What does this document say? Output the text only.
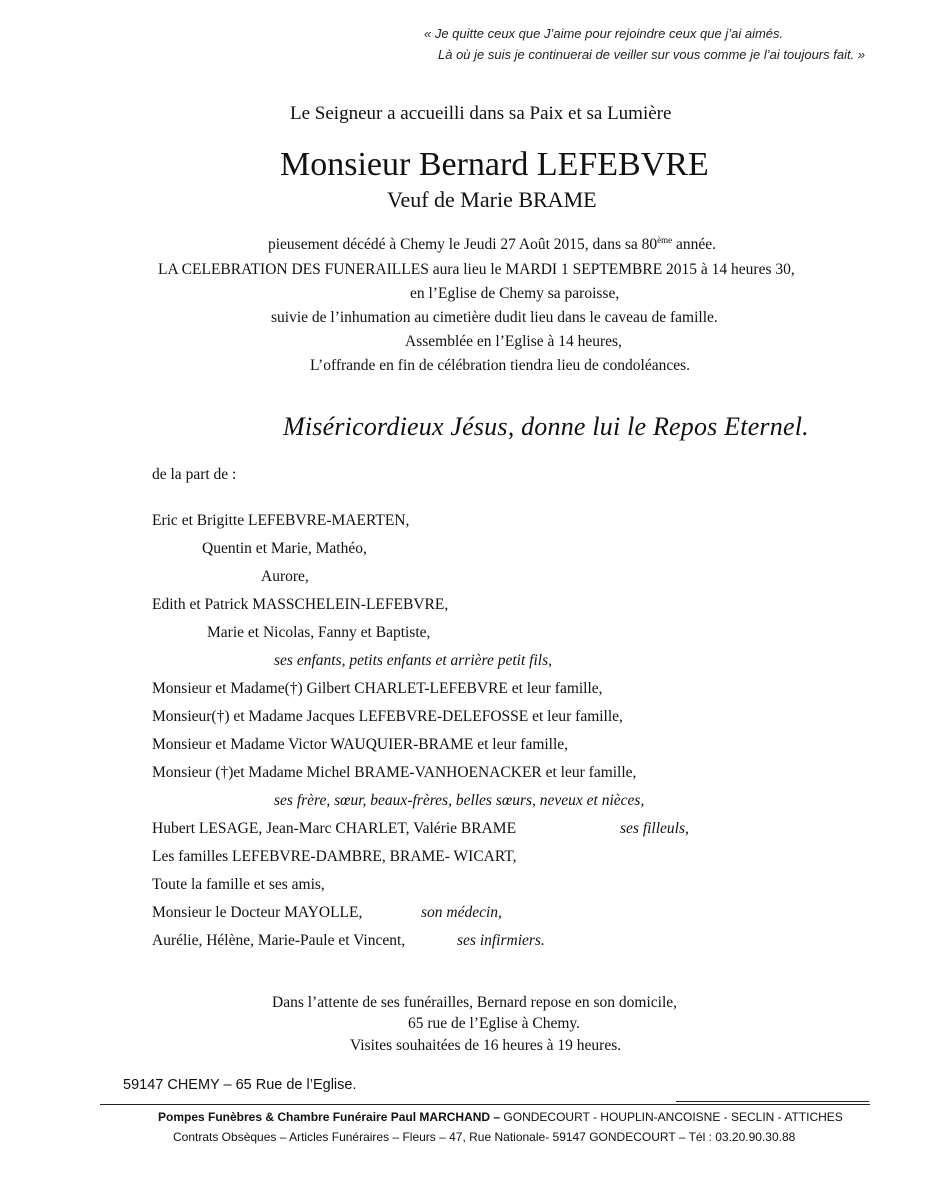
« Je quitte ceux que J’aime pour rejoindre ceux que j’ai aimés.
Là où je suis je continuerai de veiller sur vous comme je l’ai toujours fait. »
Le Seigneur a accueilli dans sa Paix et sa Lumière
Monsieur Bernard LEFEBVRE
Veuf de Marie BRAME
pieusement décédé à Chemy le Jeudi 27 Août 2015, dans sa 80ème année.
LA CELEBRATION DES FUNERAILLES aura lieu le MARDI 1 SEPTEMBRE 2015 à 14 heures 30,
en l’Eglise de Chemy sa paroisse,
suivie de l’inhumation au cimetière dudit lieu dans le caveau de famille.
Assemblée en l’Eglise à 14 heures,
L’offrande en fin de célébration tiendra lieu de condoléances.
Miséricordieux Jésus, donne lui le Repos Eternel.
de la part de :
Eric et Brigitte LEFEBVRE-MAERTEN,
Quentin et Marie, Mathéo,
Aurore,
Edith et Patrick MASSCHELEIN-LEFEBVRE,
Marie et Nicolas, Fanny et Baptiste,
ses enfants, petits enfants et arrière petit fils,
Monsieur et Madame(†) Gilbert CHARLET-LEFEBVRE et leur famille,
Monsieur(†) et Madame Jacques LEFEBVRE-DELEFOSSE et leur famille,
Monsieur et Madame Victor WAUQUIER-BRAME et leur famille,
Monsieur (†)et Madame Michel BRAME-VANHOENACKER et leur famille,
ses frère, sœur, beaux-frères, belles sœurs, neveux et nièces,
Hubert LESAGE, Jean-Marc CHARLET, Valérie BRAME	ses filleuls,
Les familles LEFEBVRE-DAMBRE, BRAME- WICART,
Toute la famille et ses amis,
Monsieur le Docteur MAYOLLE,	son médecin,
Aurélie, Hélène, Marie-Paule et Vincent,	ses infirmiers.
Dans l’attente de ses funérailles, Bernard repose en son domicile,
65 rue de l’Eglise à Chemy.
Visites souhaitées de 16 heures à 19 heures.
59147 CHEMY – 65 Rue de l’Eglise.
Pompes Funèbres & Chambre Funéraire Paul MARCHAND – GONDECOURT - HOUPLIN-ANCOISNE - SECLIN - ATTICHES
Contrats Obsèques – Articles Funéraires – Fleurs – 47, Rue Nationale- 59147 GONDECOURT – Tél : 03.20.90.30.88
